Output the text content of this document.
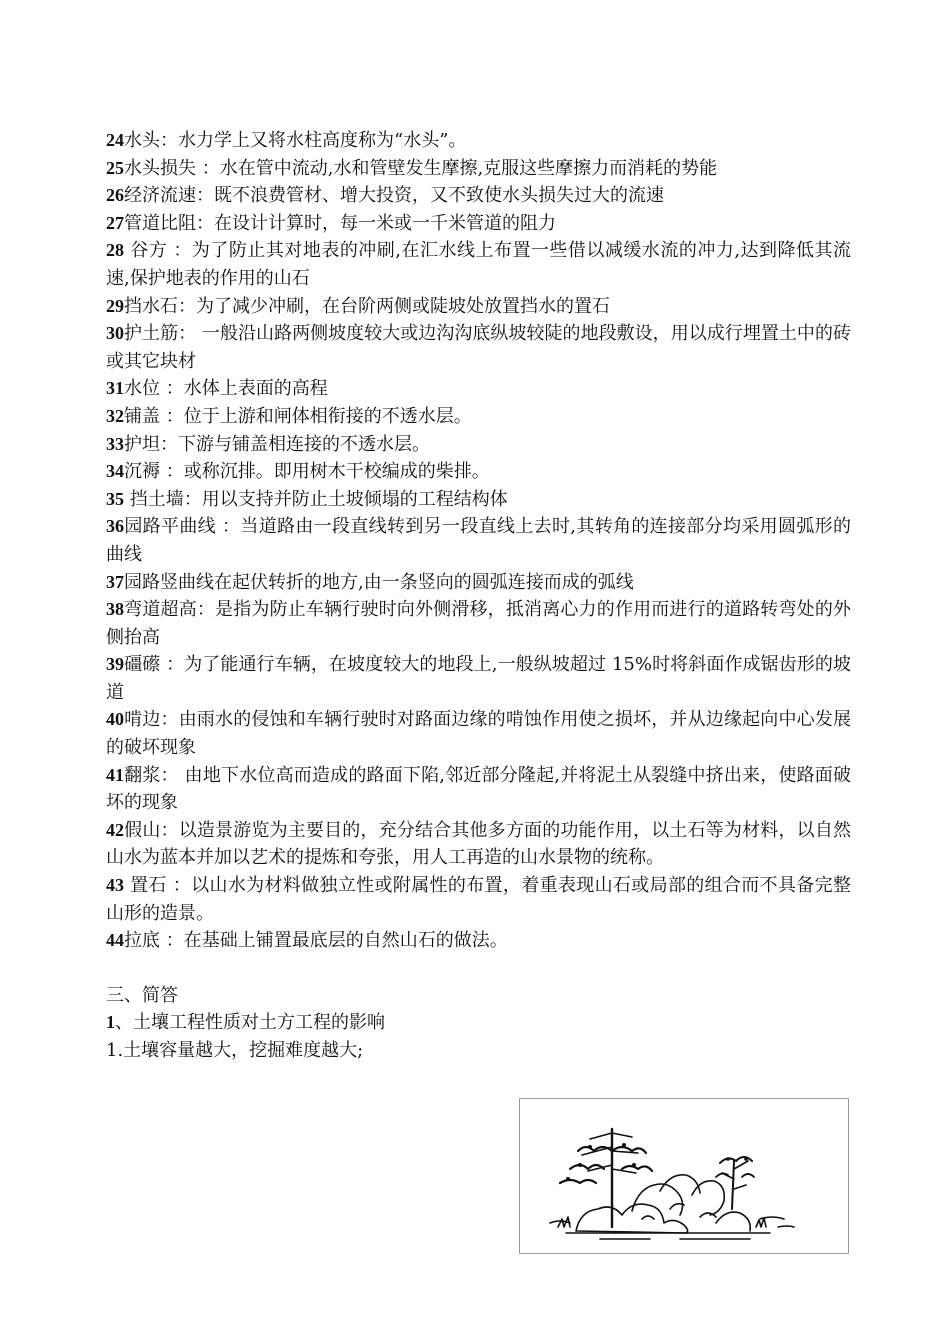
24水头：水力学上又将水柱高度称为“水头”。

25水头损失 ：水在管中流动,水和管壁发生摩擦,克服这些摩擦力而消耗的势能

26经济流速：既不浪费管材、增大投资，又不致使水头损失过大的流速

27管道比阻：在设计计算时，每一米或一千米管道的阻力

28 谷方 ：为了防止其对地表的冲刷,在汇水线上布置一些借以减缓水流的冲力,达到降低其流速,保护地表的作用的山石

29挡水石：为了减少冲刷，在台阶两侧或陡坡处放置挡水的置石

30护土筋： 一般沿山路两侧坡度较大或边沟沟底纵坡较陡的地段敷设，用以成行埋置土中的砖或其它块材

31水位 ：水体上表面的高程

32铺盖 ：位于上游和闸体相衔接的不透水层。

33护坦：下游与铺盖相连接的不透水层。

34沉褥 ：或称沉排。即用树木干校编成的柴排。

35 挡土墙：用以支持并防止土坡倾塌的工程结构体

36园路平曲线 ：当道路由一段直线转到另一段直线上去时,其转角的连接部分均采用圆弧形的曲线

37园路竖曲线在起伏转折的地方,由一条竖向的圆弧连接而成的弧线

38弯道超高：是指为防止车辆行驶时向外侧滑移，抵消离心力的作用而进行的道路转弯处的外侧抬高

39礓礤 ：为了能通行车辆，在坡度较大的地段上,一般纵坡超过 15%时将斜面作成锯齿形的坡道

40啃边：由雨水的侵蚀和车辆行驶时对路面边缘的啃蚀作用使之损坏，并从边缘起向中心发展的破坏现象

41翻浆： 由地下水位高而造成的路面下陷,邻近部分隆起,并将泥土从裂缝中挤出来，使路面破坏的现象

42假山：以造景游览为主要目的，充分结合其他多方面的功能作用，以土石等为材料，以自然山水为蓝本并加以艺术的提炼和夸张，用人工再造的山水景物的统称。

43 置石 ：以山水为材料做独立性或附属性的布置，着重表现山石或局部的组合而不具备完整山形的造景。

44拉底 ：在基础上铺置最底层的自然山石的做法。

三、简答

1、土壤工程性质对土方工程的影响

1.土壤容量越大，挖掘难度越大;
